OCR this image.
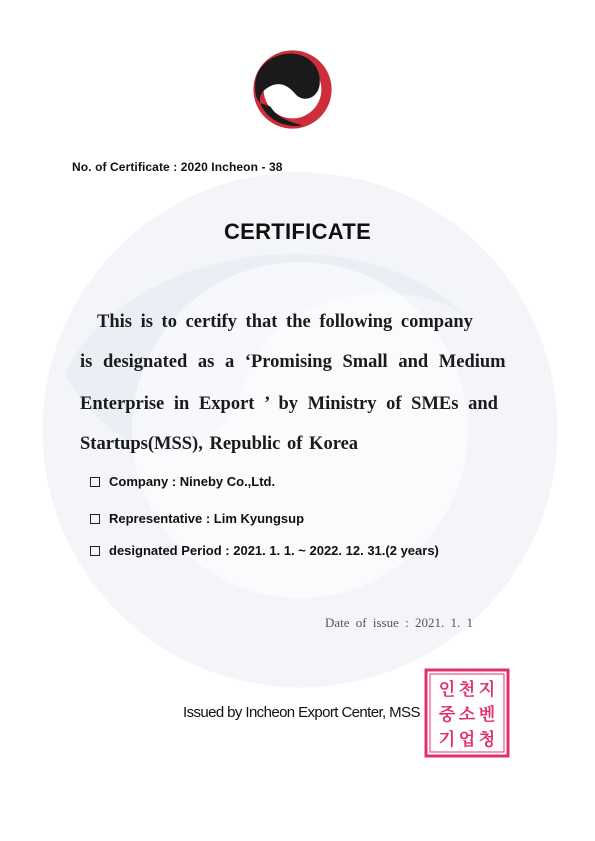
No. of Certificate : 2020 Incheon - 38
CERTIFICATE
This is to certify that the following company
is designated as a ‘Promising Small and Medium
Enterprise in Export ’ by Ministry of SMEs and
Startups(MSS), Republic of Korea
Company : Nineby Co.,Ltd.
Representative : Lim Kyungsup
designated Period : 2021. 1. 1. ~ 2022. 12. 31.(2 years)
Date of issue : 2021. 1. 1
Issued by Incheon Export Center, MSS
인 천 지
중 소 벤
기 업 청
